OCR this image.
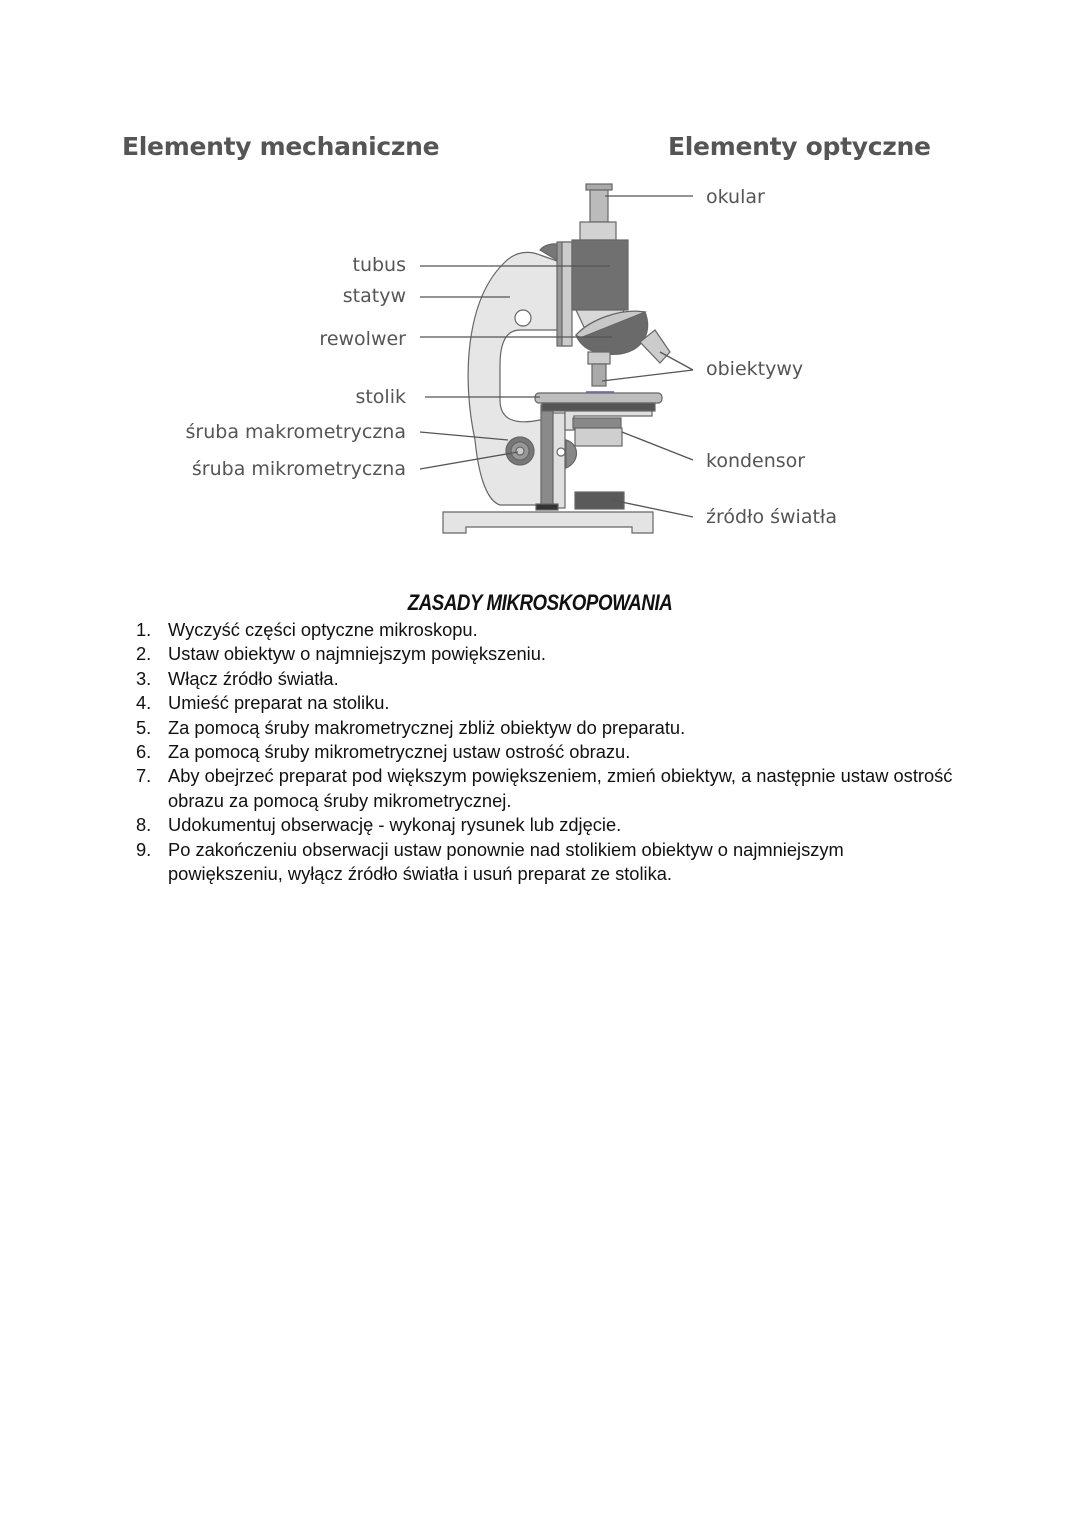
Elementy mechaniczne	Elementy optyczne
tubus
statyw
rewolwer
stolik
śruba makrometryczna
śruba mikrometryczna
okular
obiektywy
kondensor
źródło światła
ZASADY MIKROSKOPOWANIA
1. Wyczyść części optyczne mikroskopu.
2. Ustaw obiektyw o najmniejszym powiększeniu.
3. Włącz źródło światła.
4. Umieść preparat na stoliku.
5. Za pomocą śruby makrometrycznej zbliż obiektyw do preparatu.
6. Za pomocą śruby mikrometrycznej ustaw ostrość obrazu.
7. Aby obejrzeć preparat pod większym powiększeniem, zmień obiektyw, a następnie ustaw ostrość obrazu za pomocą śruby mikrometrycznej.
8. Udokumentuj obserwację - wykonaj rysunek lub zdjęcie.
9. Po zakończeniu obserwacji ustaw ponownie nad stolikiem obiektyw o najmniejszym powiększeniu, wyłącz źródło światła i usuń preparat ze stolika.
